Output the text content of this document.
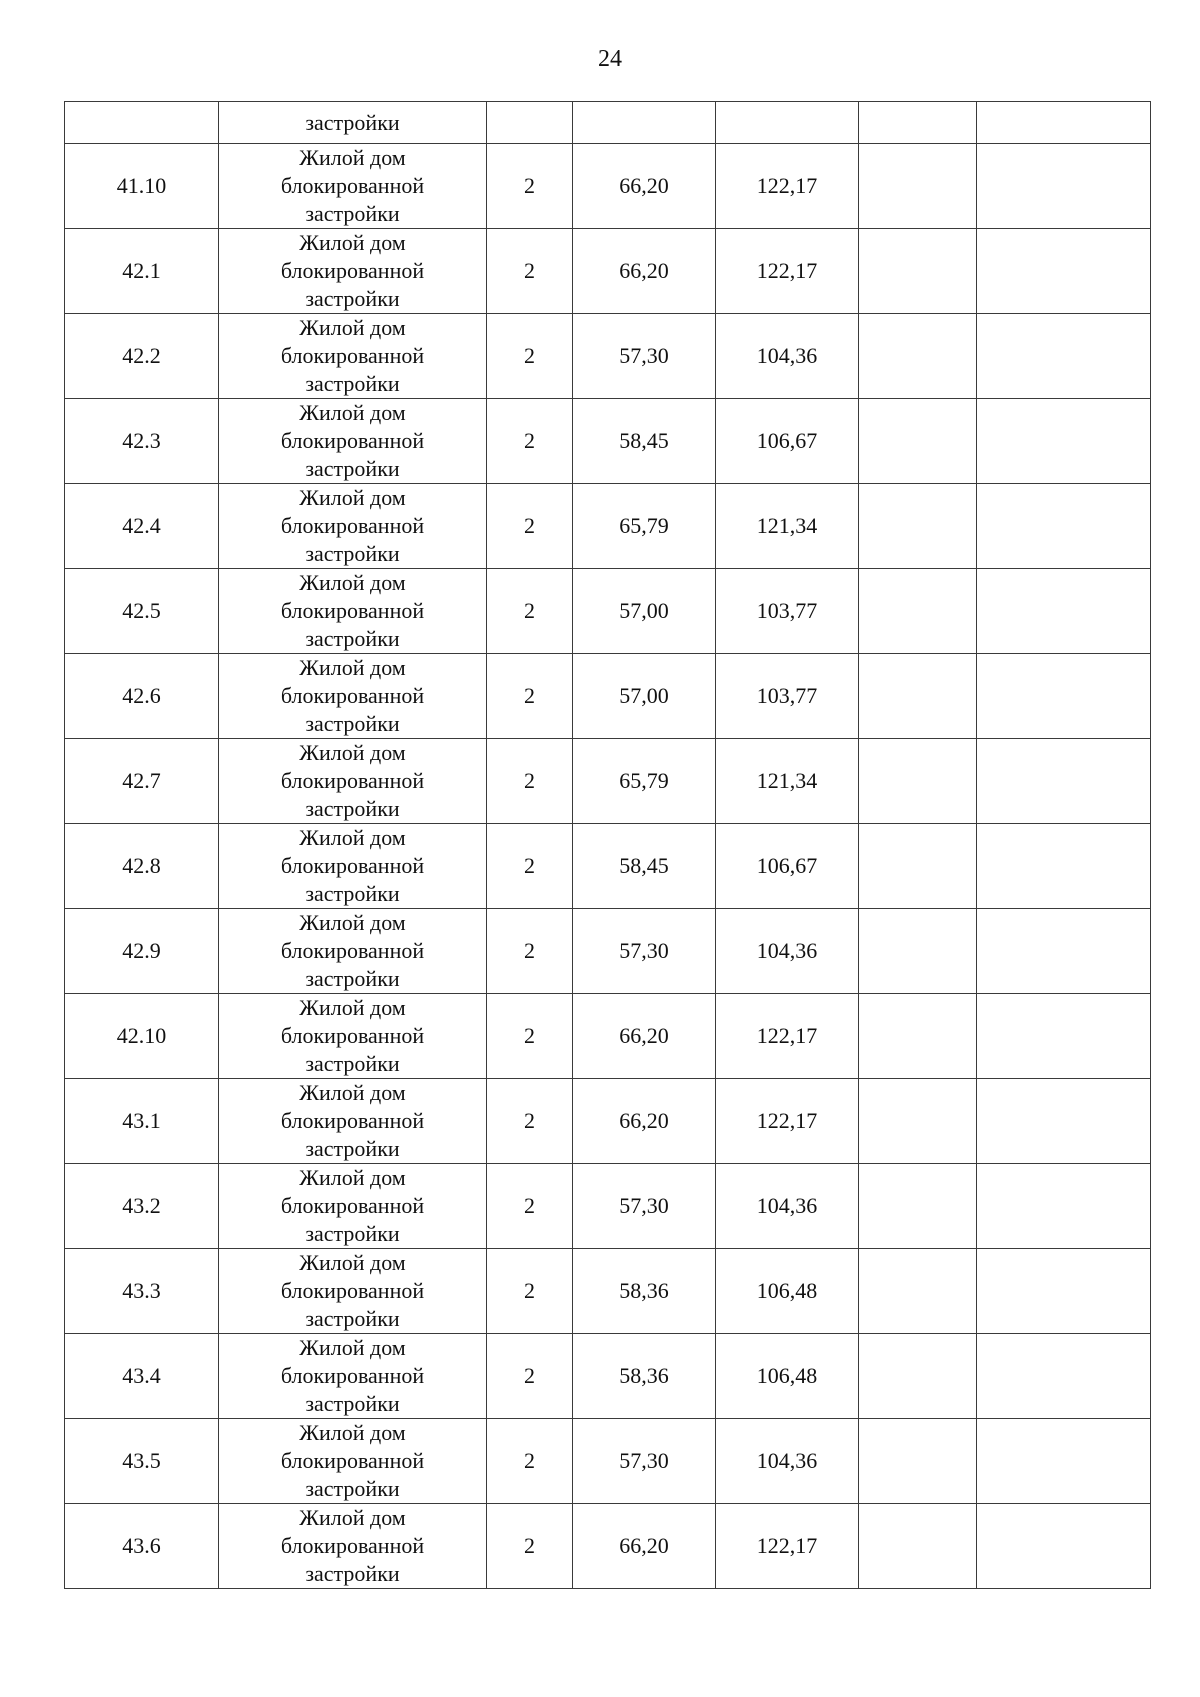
24
	застройки					
41.10	Жилой дом блокированной застройки	2	66,20	122,17		
42.1	Жилой дом блокированной застройки	2	66,20	122,17		
42.2	Жилой дом блокированной застройки	2	57,30	104,36		
42.3	Жилой дом блокированной застройки	2	58,45	106,67		
42.4	Жилой дом блокированной застройки	2	65,79	121,34		
42.5	Жилой дом блокированной застройки	2	57,00	103,77		
42.6	Жилой дом блокированной застройки	2	57,00	103,77		
42.7	Жилой дом блокированной застройки	2	65,79	121,34		
42.8	Жилой дом блокированной застройки	2	58,45	106,67		
42.9	Жилой дом блокированной застройки	2	57,30	104,36		
42.10	Жилой дом блокированной застройки	2	66,20	122,17		
43.1	Жилой дом блокированной застройки	2	66,20	122,17		
43.2	Жилой дом блокированной застройки	2	57,30	104,36		
43.3	Жилой дом блокированной застройки	2	58,36	106,48		
43.4	Жилой дом блокированной застройки	2	58,36	106,48		
43.5	Жилой дом блокированной застройки	2	57,30	104,36		
43.6	Жилой дом блокированной застройки	2	66,20	122,17		
